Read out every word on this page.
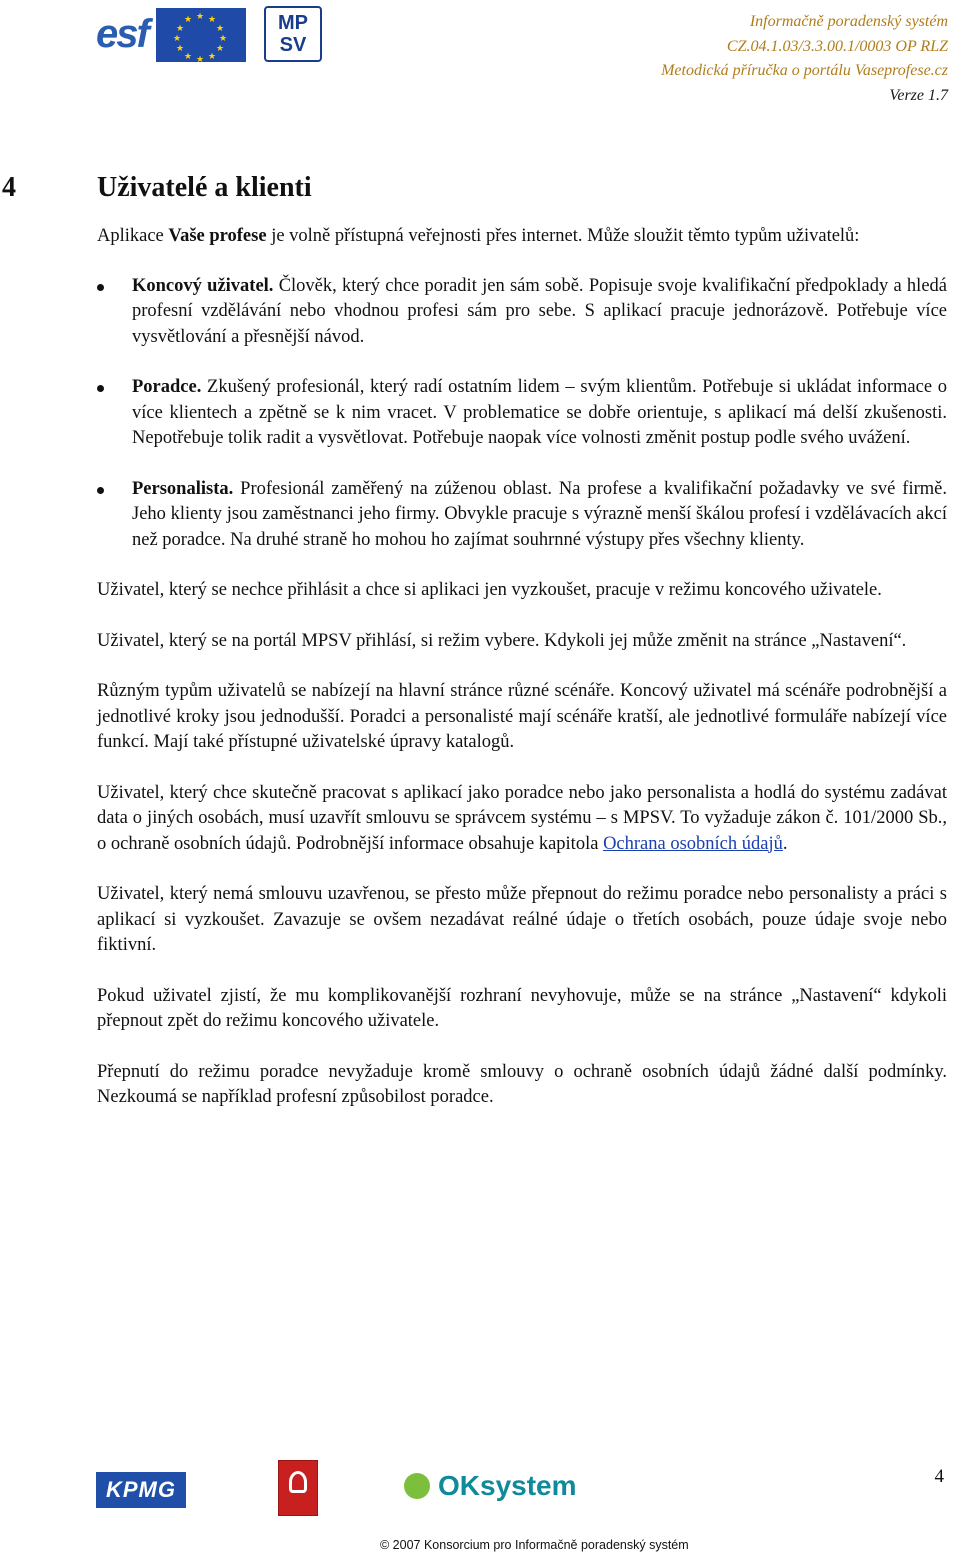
★ ★
★
★
★
★
★
★
★
★
★
★
esf	MP
SV
Informačně poradenský systém
CZ.04.1.03/3.3.00.1/0003 OP RLZ
Metodická příručka o portálu Vaseprofese.cz
Verze 1.7
4	Uživatelé a klienti

Aplikace Vaše profese je volně přístupná veřejnosti přes internet. Může sloužit těmto typům uživatelů:

Koncový uživatel. Člověk, který chce poradit jen sám sobě. Popisuje svoje kvalifikační předpoklady a hledá profesní vzdělávání nebo vhodnou profesi sám pro sebe. S aplikací pracuje jednorázově. Potřebuje více vysvětlování a přesnější návod.
Poradce. Zkušený profesionál, který radí ostatním lidem – svým klientům. Potřebuje si ukládat informace o více klientech a zpětně se k nim vracet. V problematice se dobře orientuje, s aplikací má delší zkušenosti. Nepotřebuje tolik radit a vysvětlovat. Potřebuje naopak více volnosti změnit postup podle svého uvážení.
Personalista. Profesionál zaměřený na zúženou oblast. Na profese a kvalifikační požadavky ve své firmě. Jeho klienty jsou zaměstnanci jeho firmy. Obvykle pracuje s výrazně menší škálou profesí i vzdělávacích akcí než poradce. Na druhé straně ho mohou ho zajímat souhrnné výstupy přes všechny klienty.

Uživatel, který se nechce přihlásit a chce si aplikaci jen vyzkoušet, pracuje v režimu koncového uživatele.

Uživatel, který se na portál MPSV přihlásí, si režim vybere. Kdykoli jej může změnit na stránce „Nastavení“.

Různým typům uživatelů se nabízejí na hlavní stránce různé scénáře. Koncový uživatel má scénáře podrobnější a jednotlivé kroky jsou jednodušší. Poradci a personalisté mají scénáře kratší, ale jednotlivé formuláře nabízejí více funkcí. Mají také přístupné uživatelské úpravy katalogů.

Uživatel, který chce skutečně pracovat s aplikací jako poradce nebo jako personalista a hodlá do systému zadávat data o jiných osobách, musí uzavřít smlouvu se správcem systému – s MPSV. To vyžaduje zákon č. 101/2000 Sb., o ochraně osobních údajů. Podrobnější informace obsahuje kapitola Ochrana osobních údajů.

Uživatel, který nemá smlouvu uzavřenou, se přesto může přepnout do režimu poradce nebo personalisty a práci s aplikací si vyzkoušet. Zavazuje se ovšem nezadávat reálné údaje o třetích osobách, pouze údaje svoje nebo fiktivní.

Pokud uživatel zjistí, že mu komplikovanější rozhraní nevyhovuje, může se na stránce „Nastavení“ kdykoli přepnout zpět do režimu koncového uživatele.

Přepnutí do režimu poradce nevyžaduje kromě smlouvy o ochraně osobních údajů žádné další podmínky. Nezkoumá se například profesní způsobilost poradce.

KPMG	OKsystem	4
© 2007 Konsorcium pro Informačně poradenský systém
